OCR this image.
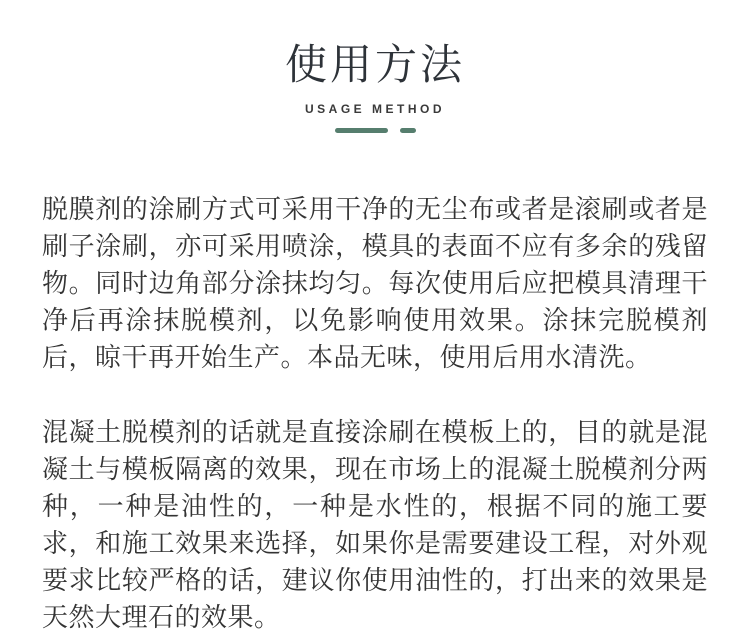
使用方法
USAGE METHOD

脱膜剂的涂刷方式可采用干净的无尘布或者是滚刷或者是刷子涂刷，亦可采用喷涂，模具的表面不应有多余的残留物。同时边角部分涂抹均匀。每次使用后应把模具清理干净后再涂抹脱模剂，以免影响使用效果。涂抹完脱模剂后，晾干再开始生产。本品无味，使用后用水清洗。

混凝土脱模剂的话就是直接涂刷在模板上的，目的就是混凝土与模板隔离的效果，现在市场上的混凝土脱模剂分两种，一种是油性的，一种是水性的，根据不同的施工要求，和施工效果来选择，如果你是需要建设工程，对外观要求比较严格的话，建议你使用油性的，打出来的效果是天然大理石的效果。
